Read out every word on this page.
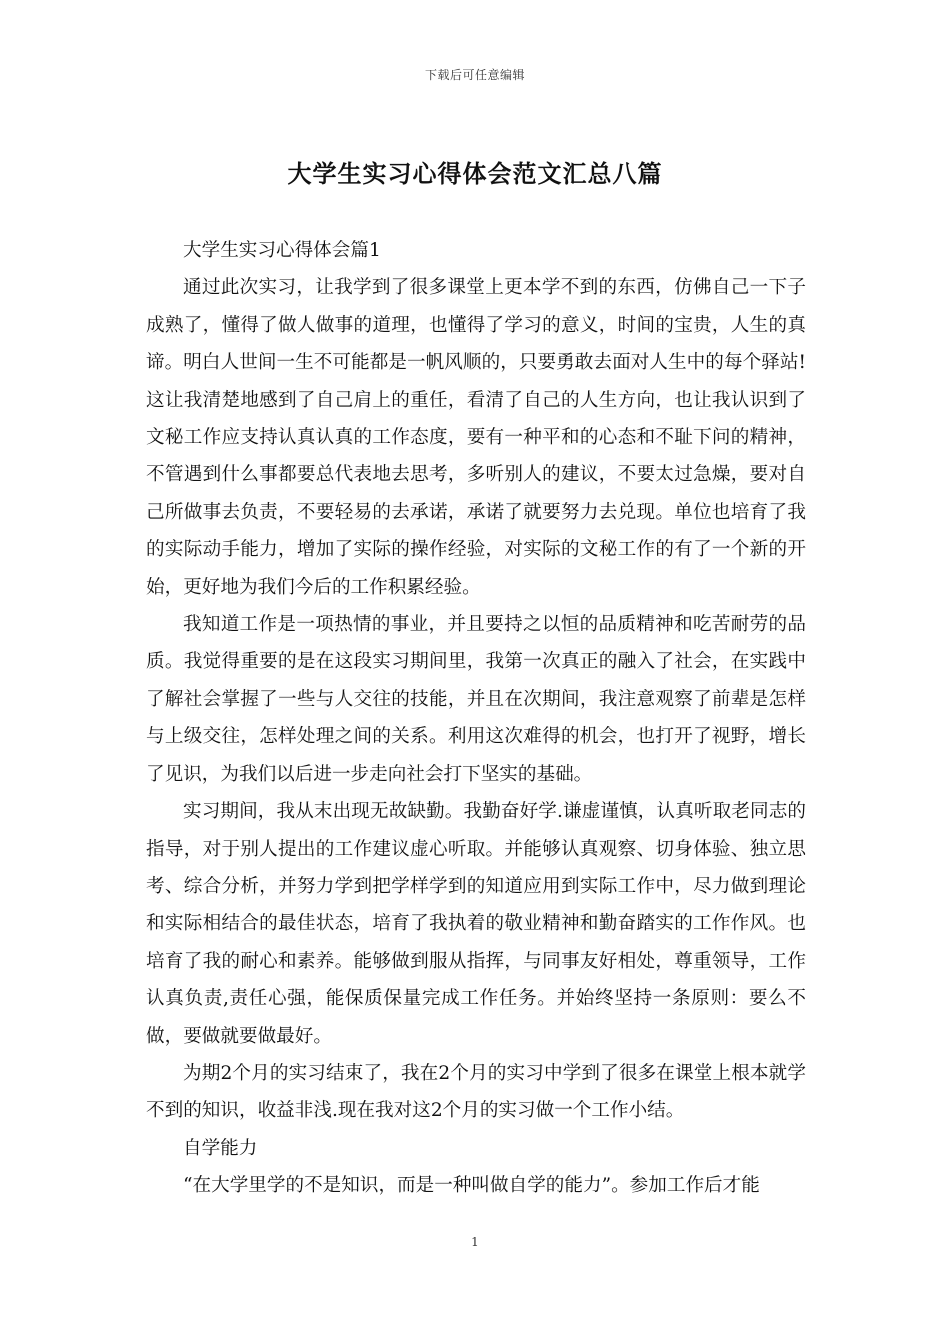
下载后可任意编辑
大学生实习心得体会范文汇总八篇

大学生实习心得体会篇1

通过此次实习，让我学到了很多课堂上更本学不到的东西，仿佛自己一下子成熟了，懂得了做人做事的道理，也懂得了学习的意义，时间的宝贵，人生的真谛。明白人世间一生不可能都是一帆风顺的，只要勇敢去面对人生中的每个驿站!这让我清楚地感到了自己肩上的重任，看清了自己的人生方向，也让我认识到了文秘工作应支持认真认真的工作态度，要有一种平和的心态和不耻下问的精神，不管遇到什么事都要总代表地去思考，多听别人的建议，不要太过急燥，要对自己所做事去负责，不要轻易的去承诺，承诺了就要努力去兑现。单位也培育了我的实际动手能力，增加了实际的操作经验，对实际的文秘工作的有了一个新的开始，更好地为我们今后的工作积累经验。

我知道工作是一项热情的事业，并且要持之以恒的品质精神和吃苦耐劳的品质。我觉得重要的是在这段实习期间里，我第一次真正的融入了社会，在实践中了解社会掌握了一些与人交往的技能，并且在次期间，我注意观察了前辈是怎样与上级交往，怎样处理之间的关系。利用这次难得的机会，也打开了视野，增长了见识，为我们以后进一步走向社会打下坚实的基础。

实习期间，我从末出现无故缺勤。我勤奋好学.谦虚谨慎，认真听取老同志的指导，对于别人提出的工作建议虚心听取。并能够认真观察、切身体验、独立思考、综合分析，并努力学到把学样学到的知道应用到实际工作中，尽力做到理论和实际相结合的最佳状态，培育了我执着的敬业精神和勤奋踏实的工作作风。也培育了我的耐心和素养。能够做到服从指挥，与同事友好相处，尊重领导，工作认真负责,责任心强，能保质保量完成工作任务。并始终坚持一条原则：要么不做，要做就要做最好。

为期2个月的实习结束了，我在2个月的实习中学到了很多在课堂上根本就学不到的知识，收益非浅.现在我对这2个月的实习做一个工作小结。

自学能力

“在大学里学的不是知识，而是一种叫做自学的能力”。参加工作后才能

1
